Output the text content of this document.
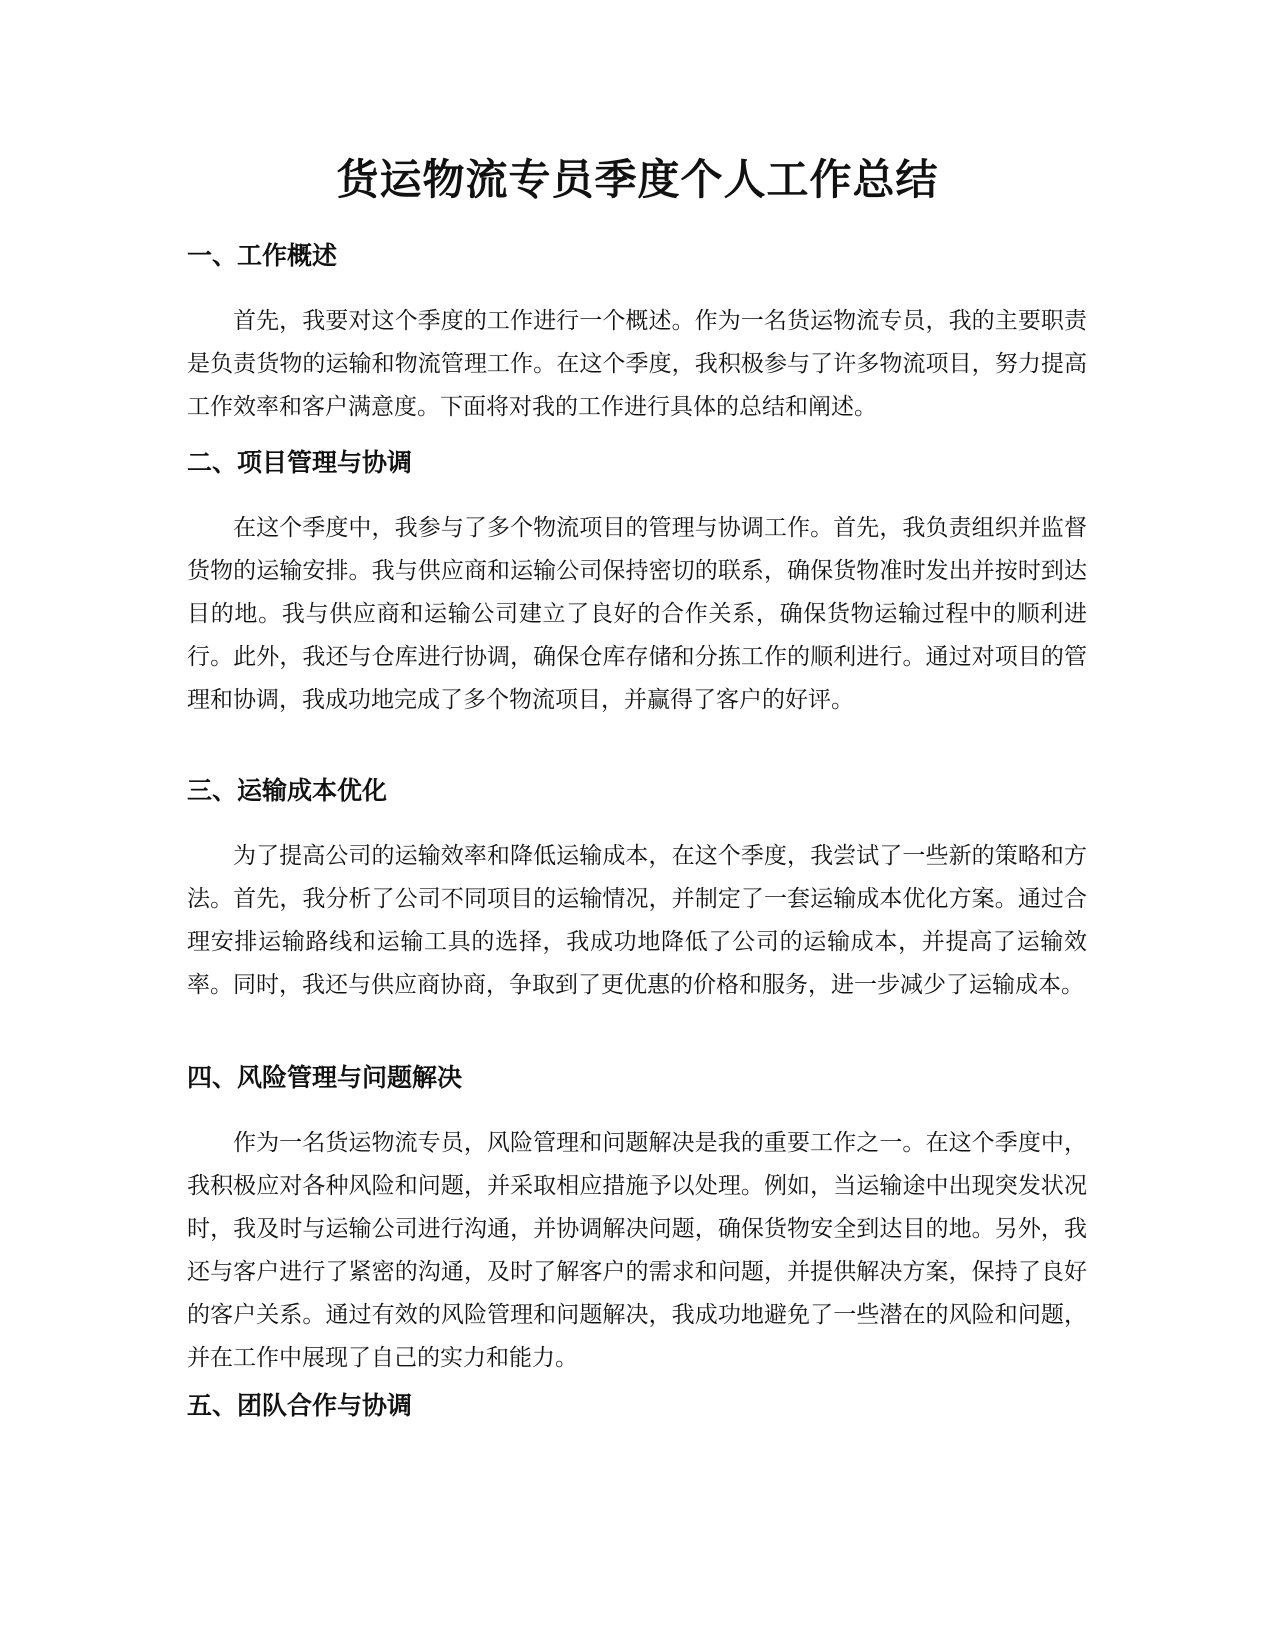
货运物流专员季度个人工作总结
一、工作概述

首先，我要对这个季度的工作进行一个概述。作为一名货运物流专员，我的主要职责是负责货物的运输和物流管理工作。在这个季度，我积极参与了许多物流项目，努力提高工作效率和客户满意度。下面将对我的工作进行具体的总结和阐述。

二、项目管理与协调

在这个季度中，我参与了多个物流项目的管理与协调工作。首先，我负责组织并监督货物的运输安排。我与供应商和运输公司保持密切的联系，确保货物准时发出并按时到达目的地。我与供应商和运输公司建立了良好的合作关系，确保货物运输过程中的顺利进行。此外，我还与仓库进行协调，确保仓库存储和分拣工作的顺利进行。通过对项目的管理和协调，我成功地完成了多个物流项目，并赢得了客户的好评。

三、运输成本优化

为了提高公司的运输效率和降低运输成本，在这个季度，我尝试了一些新的策略和方法。首先，我分析了公司不同项目的运输情况，并制定了一套运输成本优化方案。通过合理安排运输路线和运输工具的选择，我成功地降低了公司的运输成本，并提高了运输效率。同时，我还与供应商协商，争取到了更优惠的价格和服务，进一步减少了运输成本。

四、风险管理与问题解决

作为一名货运物流专员，风险管理和问题解决是我的重要工作之一。在这个季度中，我积极应对各种风险和问题，并采取相应措施予以处理。例如，当运输途中出现突发状况时，我及时与运输公司进行沟通，并协调解决问题，确保货物安全到达目的地。另外，我还与客户进行了紧密的沟通，及时了解客户的需求和问题，并提供解决方案，保持了良好的客户关系。通过有效的风险管理和问题解决，我成功地避免了一些潜在的风险和问题，并在工作中展现了自己的实力和能力。

五、团队合作与协调
